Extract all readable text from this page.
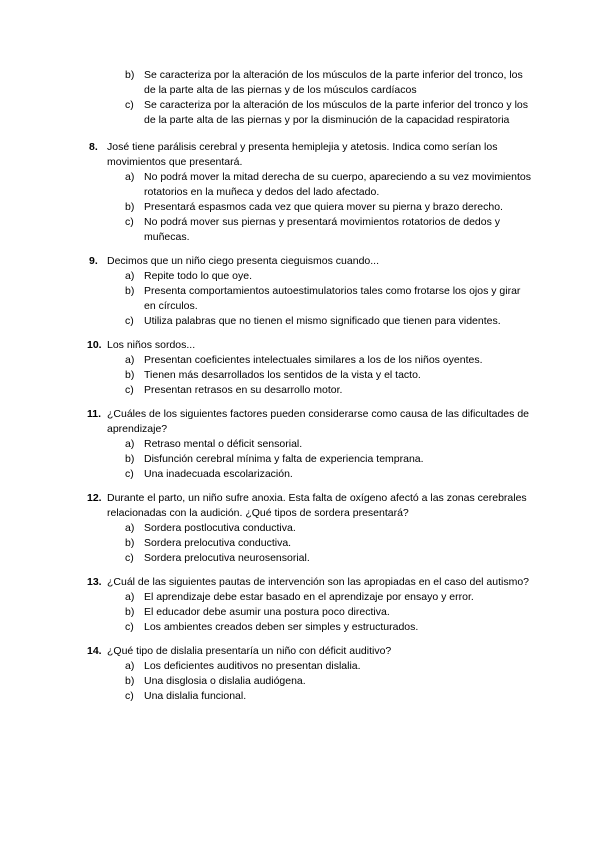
b) Se caracteriza por la alteración de los músculos de la parte inferior del tronco, los de la parte alta de las piernas y de los músculos cardíacos
c) Se caracteriza por la alteración de los músculos de la parte inferior del tronco y los de la parte alta de las piernas y por la disminución de la capacidad respiratoria
8. José tiene parálisis cerebral y presenta hemiplejia y atetosis. Indica como serían los movimientos que presentará.
a) No podrá mover la mitad derecha de su cuerpo, apareciendo a su vez movimientos rotatorios en la muñeca y dedos del lado afectado.
b) Presentará espasmos cada vez que quiera mover su pierna y brazo derecho.
c) No podrá mover sus piernas y presentará movimientos rotatorios de dedos y muñecas.
9. Decimos que un niño ciego presenta cieguismos cuando...
a) Repite todo lo que oye.
b) Presenta comportamientos autoestimulatorios tales como frotarse los ojos y girar en círculos.
c) Utiliza palabras que no tienen el mismo significado que tienen para videntes.
10. Los niños sordos...
a) Presentan coeficientes intelectuales similares a los de los niños oyentes.
b) Tienen más desarrollados los sentidos de la vista y el tacto.
c) Presentan retrasos en su desarrollo motor.
11. ¿Cuáles de los siguientes factores pueden considerarse como causa de las dificultades de aprendizaje?
a) Retraso mental o déficit sensorial.
b) Disfunción cerebral mínima y falta de experiencia temprana.
c) Una inadecuada escolarización.
12. Durante el parto, un niño sufre anoxia. Esta falta de oxígeno afectó a las zonas cerebrales relacionadas con la audición. ¿Qué tipos de sordera presentará?
a) Sordera postlocutiva conductiva.
b) Sordera prelocutiva conductiva.
c) Sordera prelocutiva neurosensorial.
13. ¿Cuál de las siguientes pautas de intervención son las apropiadas en el caso del autismo?
a) El aprendizaje debe estar basado en el aprendizaje por ensayo y error.
b) El educador debe asumir una postura poco directiva.
c) Los ambientes creados deben ser simples y estructurados.
14. ¿Qué tipo de dislalia presentaría un niño con déficit auditivo?
a) Los deficientes auditivos no presentan dislalia.
b) Una disglosia o dislalia audiógena.
c) Una dislalia funcional.
